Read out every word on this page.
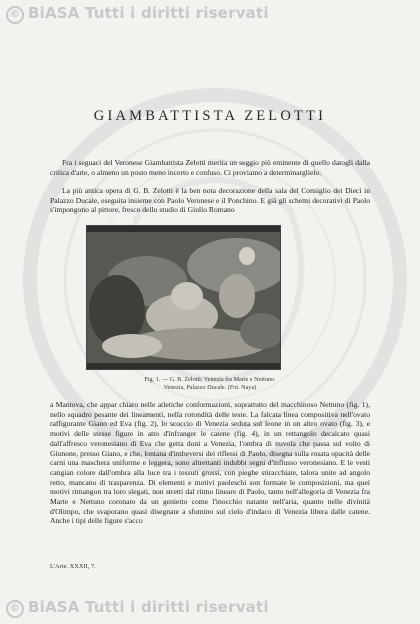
© BiASA Tutti i diritti riservati
GIAMBATTISTA ZELOTTI
Fra i seguaci del Veronese Giambattista Zelotti merita un seggio più eminente di quello datogli dalla critica d'arte, o almeno un posto meno incerto e confuso. Ci proviamo a determinarglielo.
La più antica opera di G. B. Zelotti è la ben nota decorazione della sala del Consiglio dei Dieci in Palazzo Ducale, eseguita insieme con Paolo Veronese e il Ponchino. E già gli schemi decorativi di Paolo s'impongono al pittore, fresco dello studio di Giulio Romano
Fig. 1. — G. B. Zelotti: Venezia fra Marte e Nettuno.
Venezia, Palazzo Ducale. (Fot. Naya)
a Mantova, che appar chiaro nelle atletiche conformazioni, soprattutto del macchinoso Nettuno (fig. 1), nello squadro pesante dei lineamenti, nella rotondità delle teste. La falcata linea compositiva nell'ovato raffigurante Giano ed Eva (fig. 2), lo scoccio di Venezia seduta sul leone in un altro ovato (fig. 3), e motivi delle stesse figure in atto d'infranger le catene (fig. 4), in un rettangolo decalcato quasi dall'affresco veronesiano di Eva che getta doni a Venezia, l'ombra di nuvola che passa sul volto di Giunone, presso Giano, e che, lontana d'imbeversi dei riflessi di Paolo, disegna sulla rosata opacità delle carni una maschera uniforme e leggera, sono altrettanti indubbi segni d'influsso veronesiano. E le vesti cangian colore dall'ombra alla luce tra i tessuti grossi, con pieghe stiracchiate, talora unite ad angolo retto, mancano di trasparenza. Di elementi e motivi paoleschi son formate le composizioni, ma quei motivi rimangon tra loro slegati, non stretti dal ritmo lineare di Paolo, tanto nell'allegoria di Venezia fra Marte e Nettuno coronato da un genietto come l'inocchio natante nell'aria, quanto nelle divinità d'Olimpo, che svaporano quasi disegnate a sfumino sul cielo d'indaco di Venezia libera dalle catene. Anche i tipi delle figure s'acco
L'Arte. XXXII, 7.
© BiASA Tutti i diritti riservati
